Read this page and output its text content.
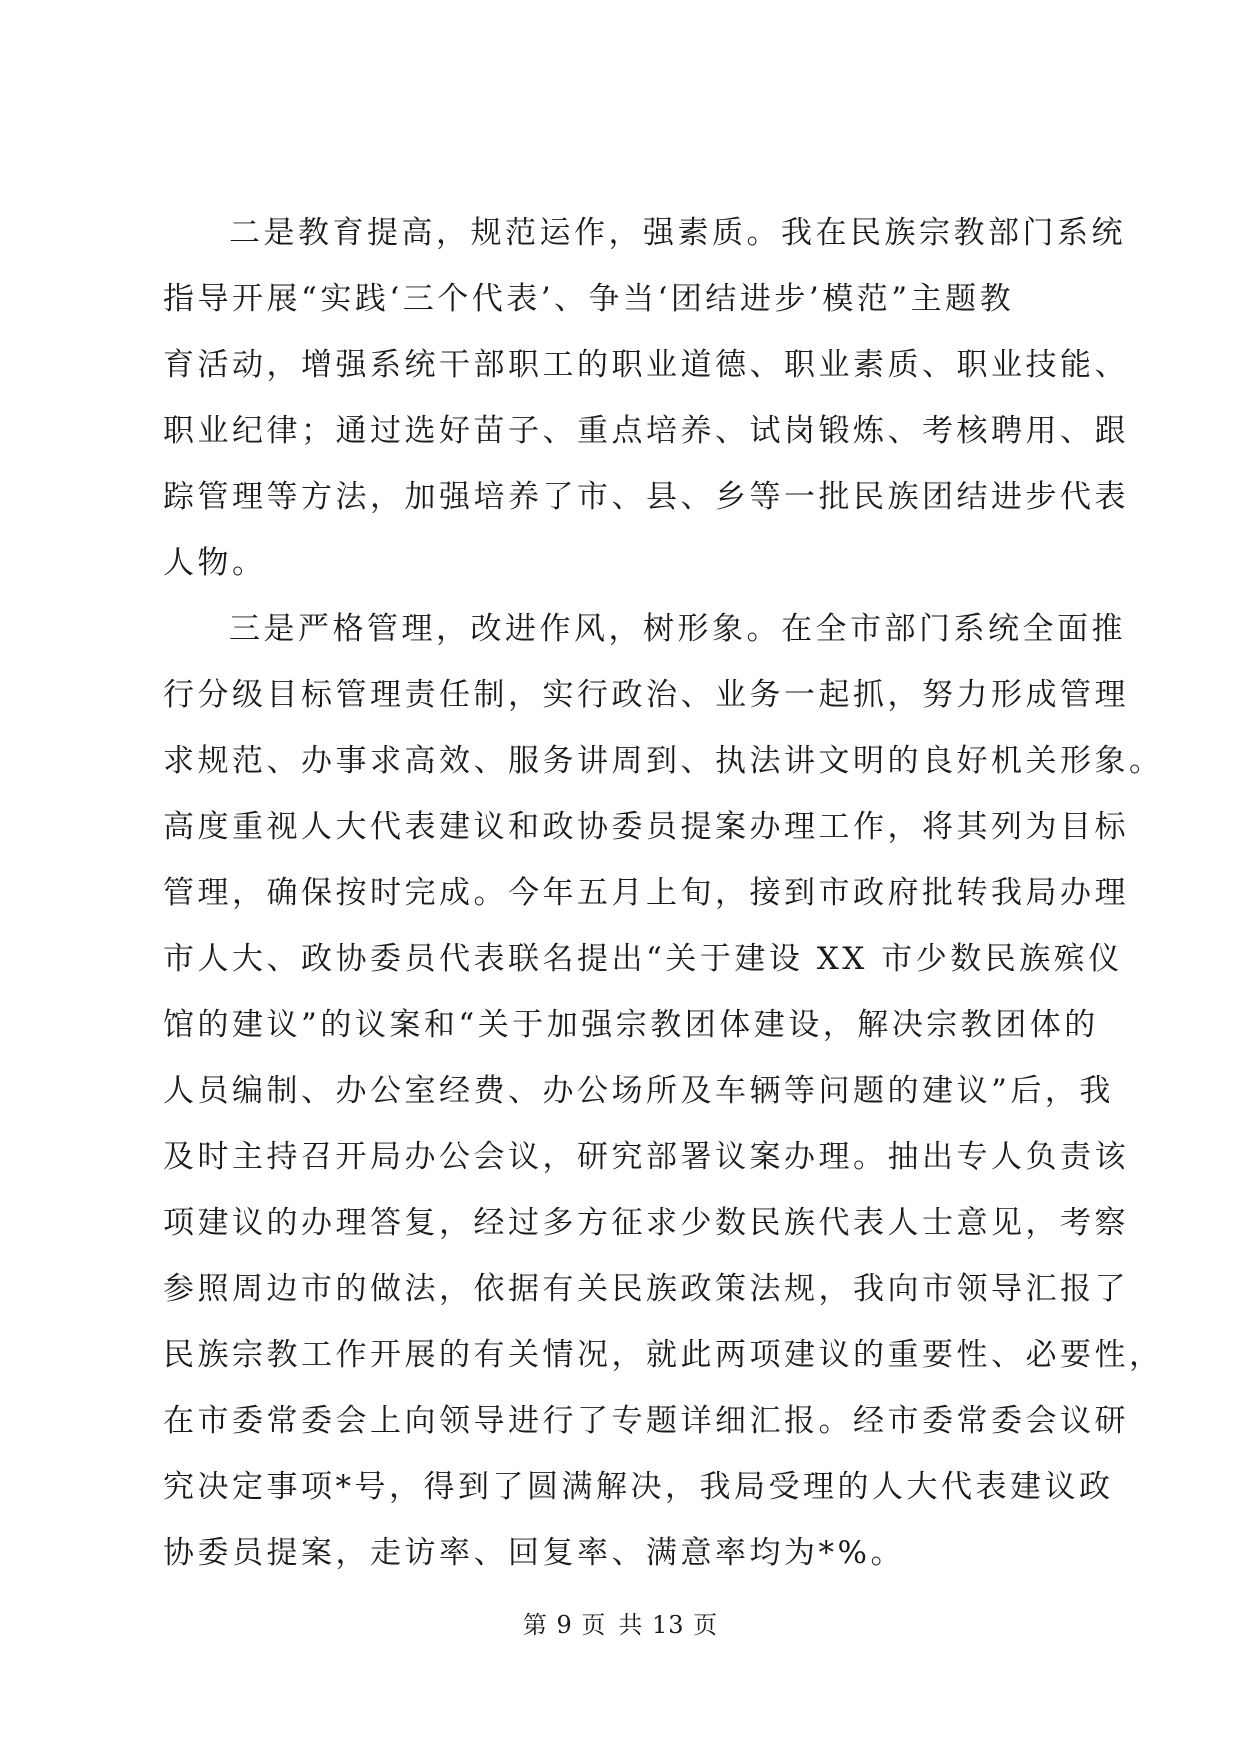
二是教育提高，规范运作，强素质。我在民族宗教部门系统
指导开展“实践‘三个代表’、争当‘团结进步’模范”主题教
育活动，增强系统干部职工的职业道德、职业素质、职业技能、
职业纪律；通过选好苗子、重点培养、试岗锻炼、考核聘用、跟
踪管理等方法，加强培养了市、县、乡等一批民族团结进步代表
人物。
三是严格管理，改进作风，树形象。在全市部门系统全面推
行分级目标管理责任制，实行政治、业务一起抓，努力形成管理
求规范、办事求高效、服务讲周到、执法讲文明的良好机关形象。
高度重视人大代表建议和政协委员提案办理工作，将其列为目标
管理，确保按时完成。今年五月上旬，接到市政府批转我局办理
市人大、政协委员代表联名提出“关于建设 XX 市少数民族殡仪
馆的建议”的议案和“关于加强宗教团体建设，解决宗教团体的
人员编制、办公室经费、办公场所及车辆等问题的建议”后，我
及时主持召开局办公会议，研究部署议案办理。抽出专人负责该
项建议的办理答复，经过多方征求少数民族代表人士意见，考察
参照周边市的做法，依据有关民族政策法规，我向市领导汇报了
民族宗教工作开展的有关情况，就此两项建议的重要性、必要性，
在市委常委会上向领导进行了专题详细汇报。经市委常委会议研
究决定事项*号，得到了圆满解决，我局受理的人大代表建议政
协委员提案，走访率、回复率、满意率均为*%。
第 9 页 共 13 页
